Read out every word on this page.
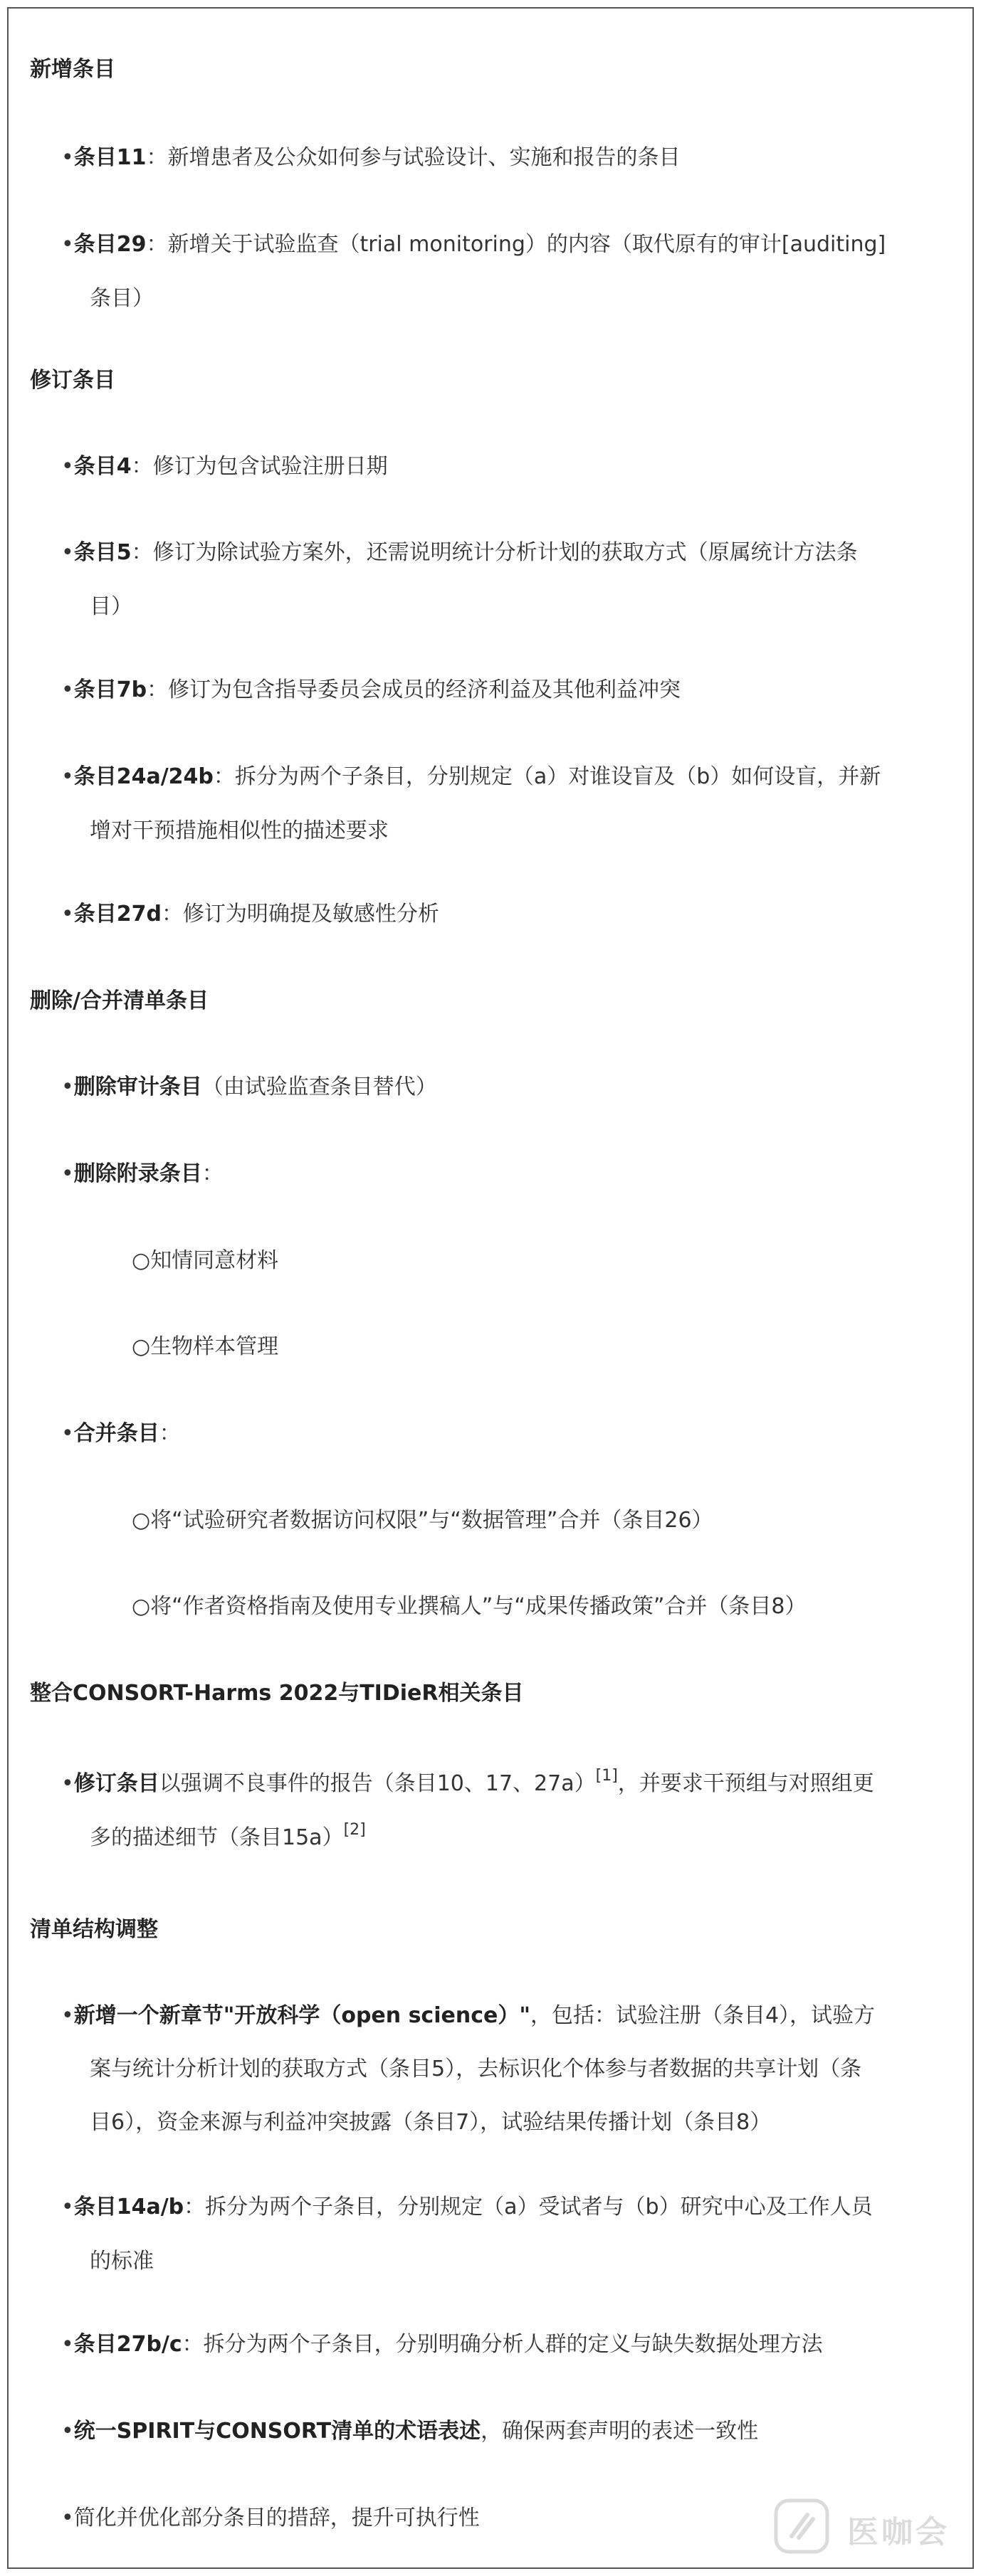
新增条目
•条目11：新增患者及公众如何参与试验设计、实施和报告的条目
•条目29：新增关于试验监查（trial monitoring）的内容（取代原有的审计[auditing]
条目）
修订条目
•条目4：修订为包含试验注册日期
•条目5：修订为除试验方案外，还需说明统计分析计划的获取方式（原属统计方法条
目）
•条目7b：修订为包含指导委员会成员的经济利益及其他利益冲突
•条目24a/24b：拆分为两个子条目，分别规定（a）对谁设盲及（b）如何设盲，并新
增对干预措施相似性的描述要求
•条目27d：修订为明确提及敏感性分析
删除/合并清单条目
•删除审计条目（由试验监查条目替代）
•删除附录条目：
○知情同意材料
○生物样本管理
•合并条目：
○将“试验研究者数据访问权限”与“数据管理”合并（条目26）
○将“作者资格指南及使用专业撰稿人”与“成果传播政策”合并（条目8）
整合CONSORT-Harms 2022与TIDieR相关条目
•修订条目以强调不良事件的报告（条目10、17、27a）[1]，并要求干预组与对照组更
多的描述细节（条目15a）[2]
清单结构调整
•新增一个新章节"开放科学（open science）"，包括：试验注册（条目4），试验方
案与统计分析计划的获取方式（条目5），去标识化个体参与者数据的共享计划（条
目6），资金来源与利益冲突披露（条目7），试验结果传播计划（条目8）
•条目14a/b：拆分为两个子条目，分别规定（a）受试者与（b）研究中心及工作人员
的标准
•条目27b/c：拆分为两个子条目，分别明确分析人群的定义与缺失数据处理方法
•统一SPIRIT与CONSORT清单的术语表述，确保两套声明的表述一致性
•简化并优化部分条目的措辞，提升可执行性	医咖会
